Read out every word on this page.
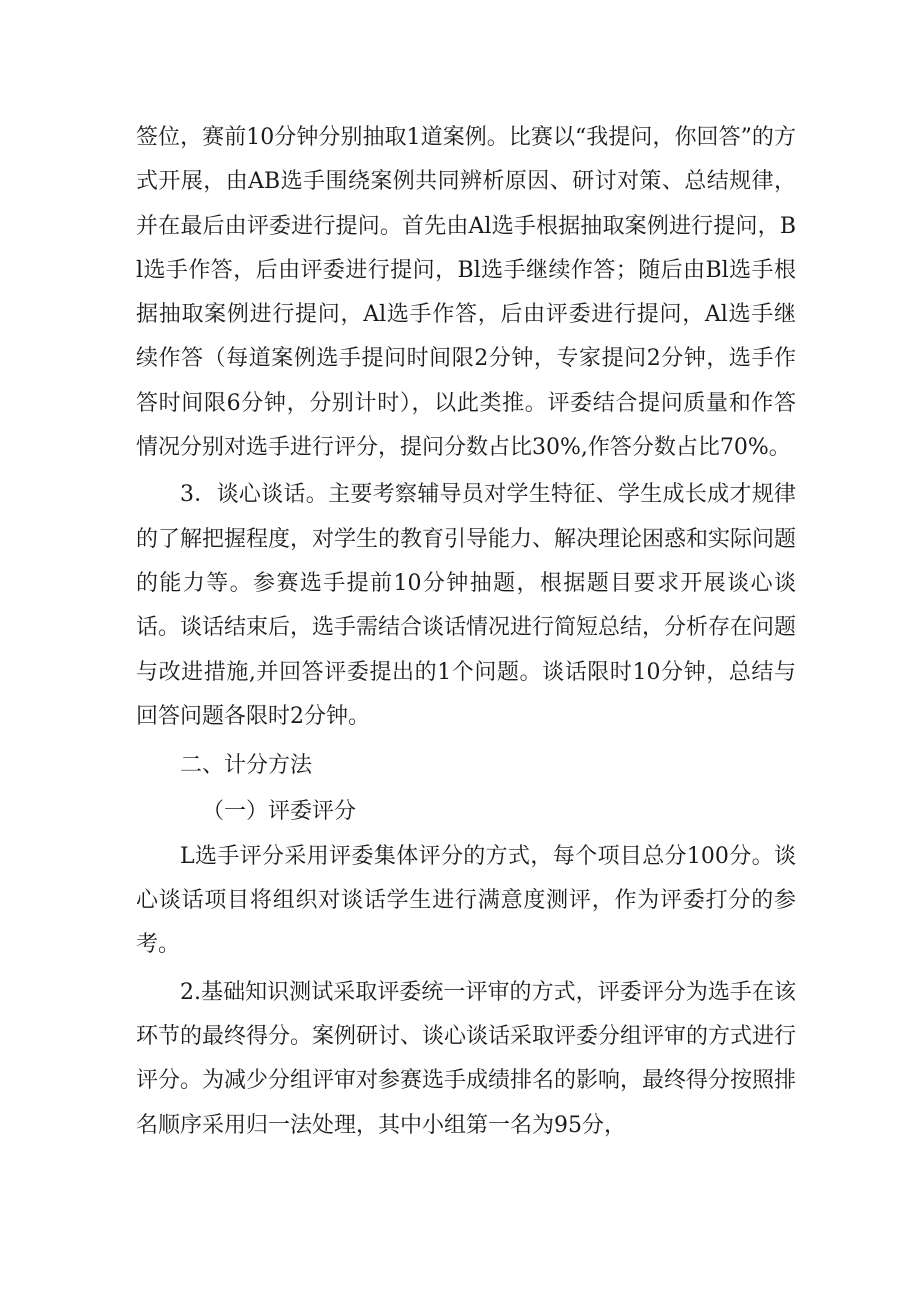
签位，赛前10分钟分别抽取1道案例。比赛以“我提问，你回答”的方式开展，由AB选手围绕案例共同辨析原因、研讨对策、总结规律，并在最后由评委进行提问。首先由Al选手根据抽取案例进行提问，Bl选手作答，后由评委进行提问，Bl选手继续作答；随后由Bl选手根据抽取案例进行提问，Al选手作答，后由评委进行提问，Al选手继续作答（每道案例选手提问时间限2分钟，专家提问2分钟，选手作答时间限6分钟，分别计时），以此类推。评委结合提问质量和作答情况分别对选手进行评分，提问分数占比30%,作答分数占比70%。

3．谈心谈话。主要考察辅导员对学生特征、学生成长成才规律的了解把握程度，对学生的教育引导能力、解决理论困惑和实际问题的能力等。参赛选手提前10分钟抽题，根据题目要求开展谈心谈话。谈话结束后，选手需结合谈话情况进行简短总结，分析存在问题与改进措施,并回答评委提出的1个问题。谈话限时10分钟，总结与回答问题各限时2分钟。

二、计分方法

（一）评委评分

L选手评分采用评委集体评分的方式，每个项目总分100分。谈心谈话项目将组织对谈话学生进行满意度测评，作为评委打分的参考。

2.基础知识测试采取评委统一评审的方式，评委评分为选手在该环节的最终得分。案例研讨、谈心谈话采取评委分组评审的方式进行评分。为减少分组评审对参赛选手成绩排名的影响，最终得分按照排名顺序采用归一法处理，其中小组第一名为95分，
